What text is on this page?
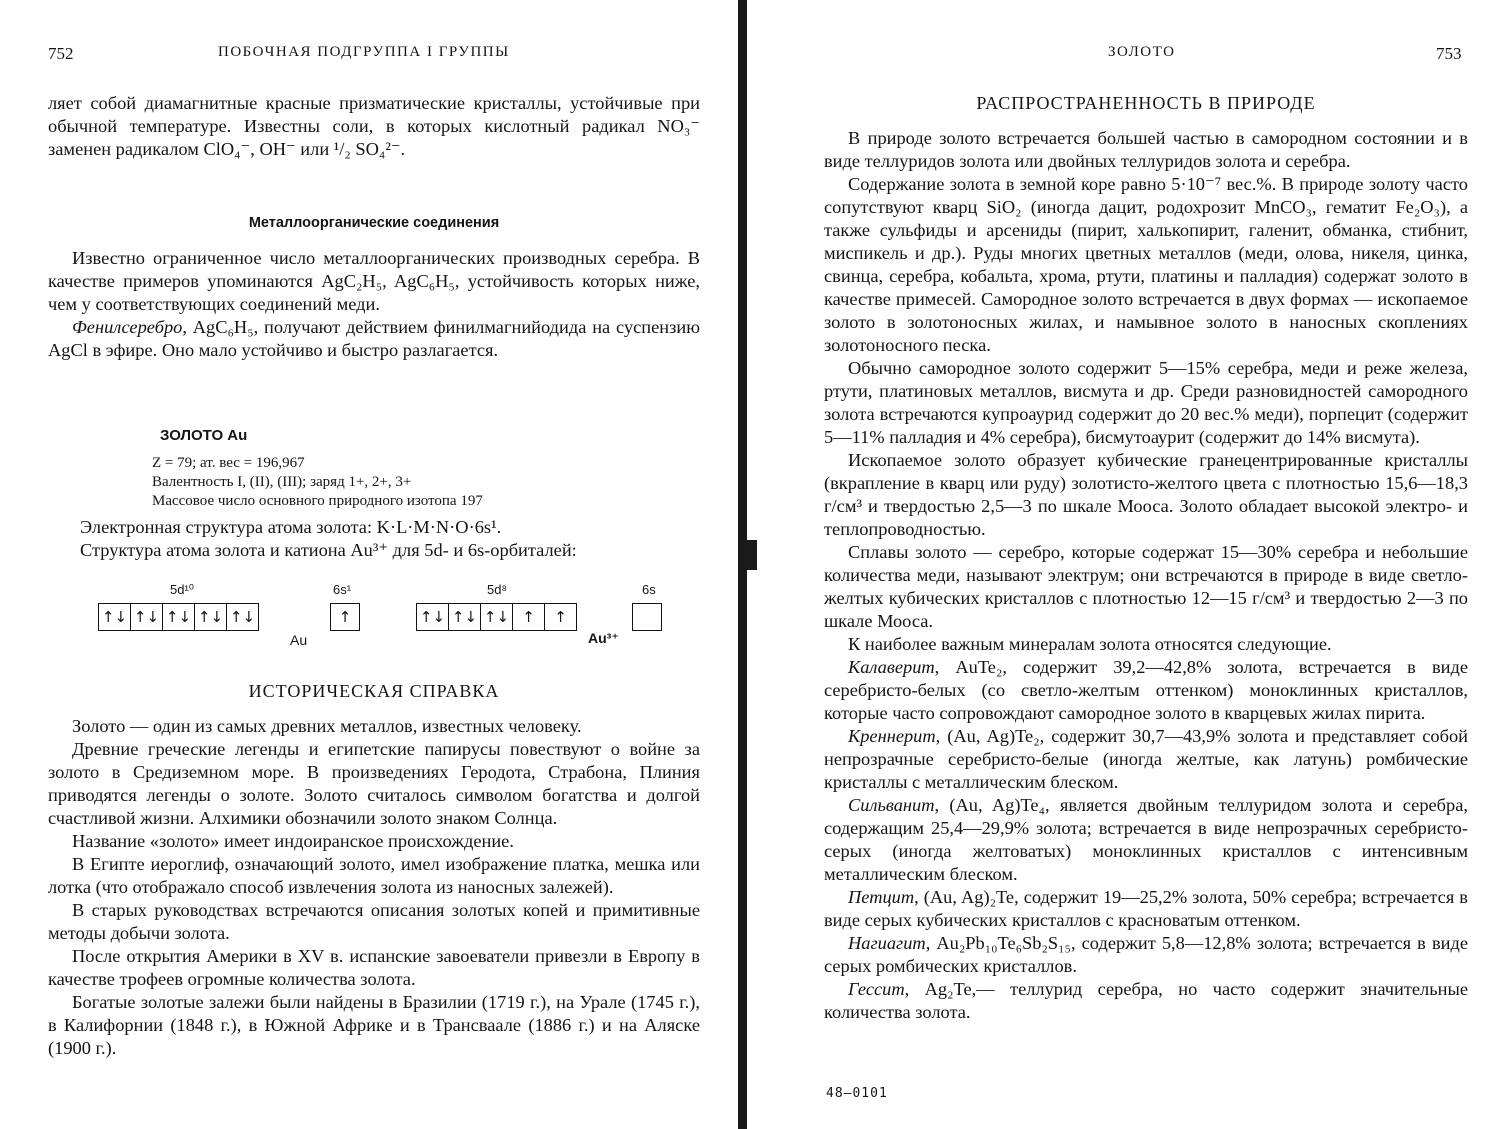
752	ПОБОЧНАЯ ПОДГРУППА I ГРУППЫ

ляет собой диамагнитные красные призматические кристаллы, устойчивые при обычной температуре. Известны соли, в которых кислотный радикал NO₃⁻ заменен радикалом ClO₄⁻, OH⁻ или ¹/₂ SO₄²⁻.

Металлоорганические соединения

Известно ограниченное число металлоорганических производных серебра. В качестве примеров упоминаются AgC₂H₅, AgC₆H₅, устойчивость которых ниже, чем у соответствующих соединений меди.

Фенилсеребро, AgC₆H₅, получают действием финилмагнийодида на суспензию AgCl в эфире. Оно мало устойчиво и быстро разлагается.

ЗОЛОТО Au
Z = 79; ат. вес = 196,967
Валентность I, (II), (III); заряд 1+, 2+, 3+
Массовое число основного природного изотопа 197
Электронная структура атома золота: K·L·M·N·O·6s¹.
Структура атома золота и катиона Au³⁺ для 5d- и 6s-орбиталей:
5d¹⁰
↑↓ ↑↓ ↑↓ ↑↓ ↑↓
6s¹
↑
Au
5d⁸
↑↓ ↑↓ ↑↓ ↑	↑
6s
Au³⁺
ИСТОРИЧЕСКАЯ СПРАВКА

Золото — один из самых древних металлов, известных человеку.

Древние греческие легенды и египетские папирусы повествуют о войне за золото в Средиземном море. В произведениях Геродота, Страбона, Плиния приводятся легенды о золоте. Золото считалось символом богатства и долгой счастливой жизни. Алхимики обозначили золото знаком Солнца.

Название «золото» имеет индоиранское происхождение.

В Египте иероглиф, означающий золото, имел изображение платка, мешка или лотка (что отображало способ извлечения золота из наносных залежей).

В старых руководствах встречаются описания золотых копей и примитивные методы добычи золота.

После открытия Америки в XV в. испанские завоеватели привезли в Европу в качестве трофеев огромные количества золота.

Богатые золотые залежи были найдены в Бразилии (1719 г.), на Урале (1745 г.), в Калифорнии (1848 г.), в Южной Африке и в Трансваале (1886 г.) и на Аляске (1900 г.).

ЗОЛОТО	753
РАСПРОСТРАНЕННОСТЬ В ПРИРОДЕ

В природе золото встречается большей частью в самородном состоянии и в виде теллуридов золота или двойных теллуридов золота и серебра.

Содержание золота в земной коре равно 5·10⁻⁷ вес.%. В природе золоту часто сопутствуют кварц SiO₂ (иногда дацит, родохрозит MnCO₃, гематит Fe₂O₃), а также сульфиды и арсениды (пирит, халькопирит, галенит, обманка, стибнит, миспикель и др.). Руды многих цветных металлов (меди, олова, никеля, цинка, свинца, серебра, кобальта, хрома, ртути, платины и палладия) содержат золото в качестве примесей. Самородное золото встречается в двух формах — ископаемое золото в золотоносных жилах, и намывное золото в наносных скоплениях золотоносного песка.

Обычно самородное золото содержит 5—15% серебра, меди и реже железа, ртути, платиновых металлов, висмута и др. Среди разновидностей самородного золота встречаются купроаурид содержит до 20 вес.% меди), порпецит (содержит 5—11% палладия и 4% серебра), бисмутоаурит (содержит до 14% висмута).

Ископаемое золото образует кубические гранецентрированные кристаллы (вкрапление в кварц или руду) золотисто-желтого цвета с плотностью 15,6—18,3 г/см³ и твердостью 2,5—3 по шкале Мооса. Золото обладает высокой электро- и теплопроводностью.

Сплавы золото — серебро, которые содержат 15—30% серебра и небольшие количества меди, называют электрум; они встречаются в природе в виде светло-желтых кубических кристаллов с плотностью 12—15 г/см³ и твердостью 2—3 по шкале Мооса.

К наиболее важным минералам золота относятся следующие.

Калаверит, AuTe₂, содержит 39,2—42,8% золота, встречается в виде серебристо-белых (со светло-желтым оттенком) моноклинных кристаллов, которые часто сопровождают самородное золото в кварцевых жилах пирита.

Креннерит, (Au, Ag)Te₂, содержит 30,7—43,9% золота и представляет собой непрозрачные серебристо-белые (иногда желтые, как латунь) ромбические кристаллы с металлическим блеском.

Сильванит, (Au, Ag)Te₄, является двойным теллуридом золота и серебра, содержащим 25,4—29,9% золота; встречается в виде непрозрачных серебристо-серых (иногда желтоватых) моноклинных кристаллов с интенсивным металлическим блеском.

Петцит, (Au, Ag)₂Te, содержит 19—25,2% золота, 50% серебра; встречается в виде серых кубических кристаллов с красноватым оттенком.

Нагиагит, Au₂Pb₁₀Te₆Sb₂S₁₅, содержит 5,8—12,8% золота; встречается в виде серых ромбических кристаллов.

Гессит, Ag₂Te,— теллурид серебра, но часто содержит значительные количества золота.

48—0101
